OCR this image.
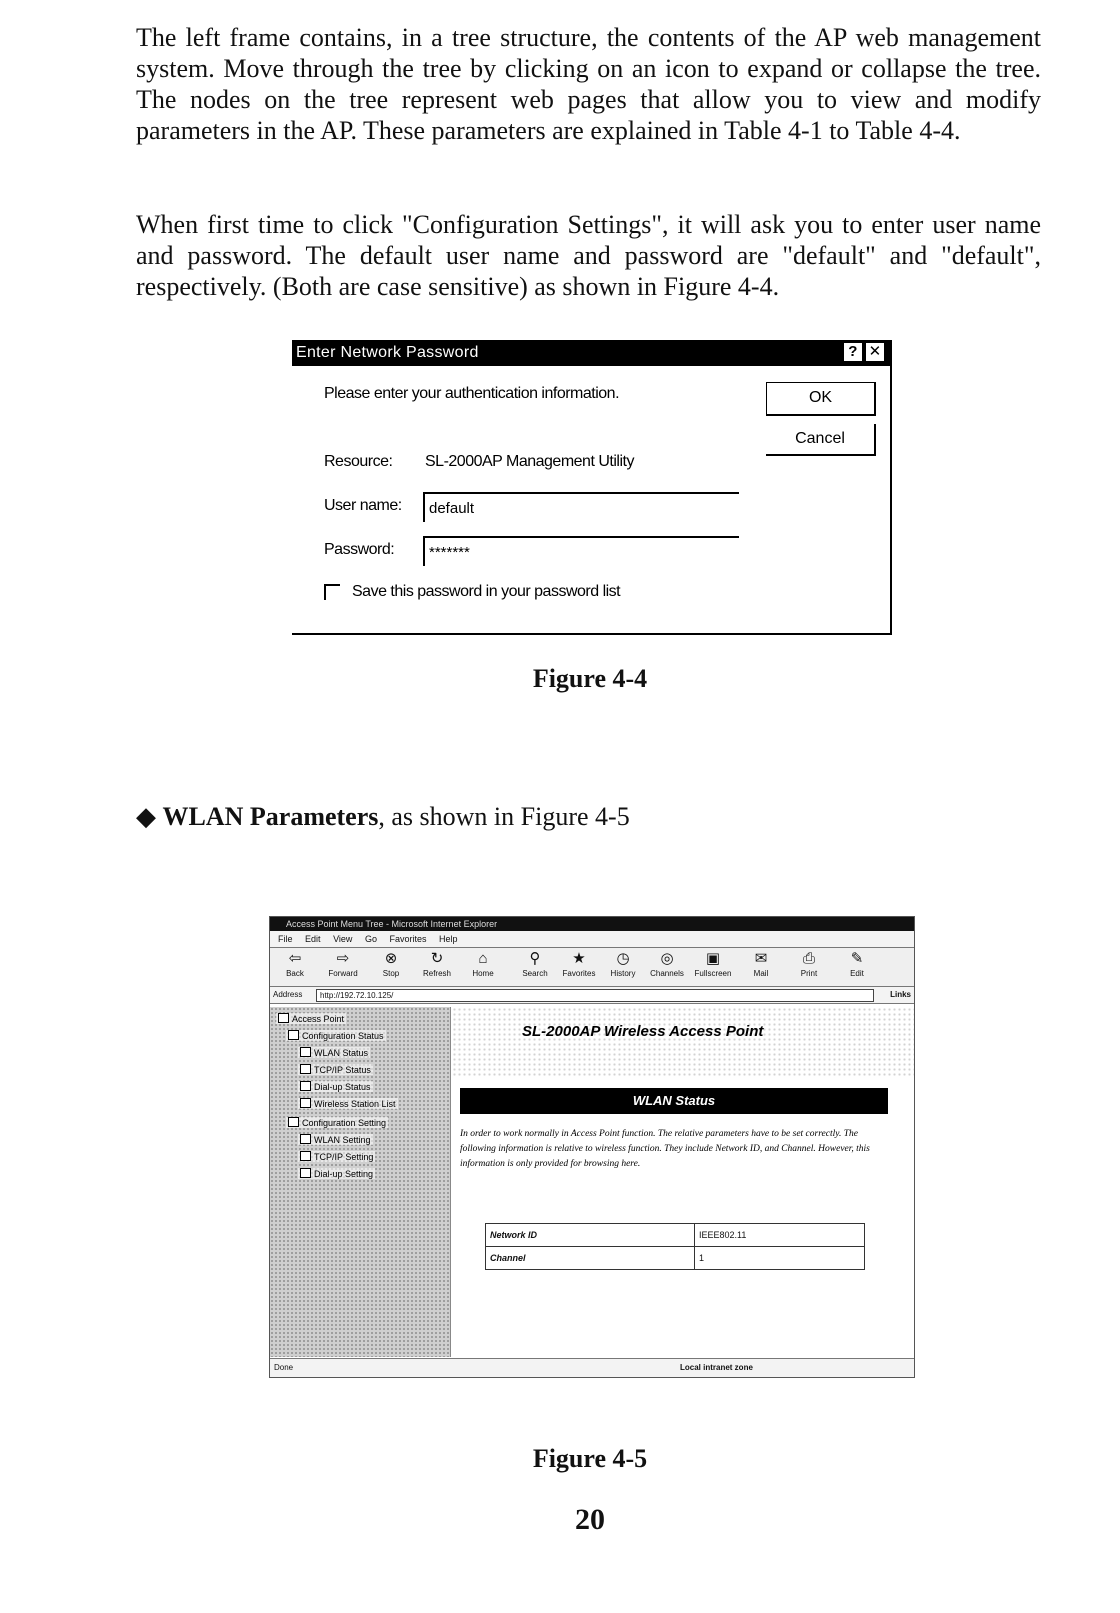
The left frame contains, in a tree structure, the contents of the AP web management system. Move through the tree by clicking on an icon to expand or collapse the tree. The nodes on the tree represent web pages that allow you to view and modify parameters in the AP. These parameters are explained in Table 4-1 to Table 4-4.

When first time to click "Configuration Settings", it will ask you to enter user name and password. The default user name and password are "default" and "default", respectively. (Both are case sensitive) as shown in Figure 4-4.

Enter Network Password	? ✕
Please enter your authentication information.
Resource: SL-2000AP Management Utility
User name:	default
Password:	*******
Save this password in your password list
OK
Cancel
Figure 4-4
◆ WLAN Parameters, as shown in Figure 4-5
Access Point Menu Tree - Microsoft Internet Explorer
File Edit View Go Favorites Help
⇦
Back
⇨
Forward
⊗
Stop
↻
Refresh
⌂
Home
⚲
Search
★
Favorites
◷
History
◎
Channels
▣
Fullscreen
✉
Mail
⎙
Print
✎
Edit
Address	http://192.72.10.125/	Links
Access Point
Configuration Status
WLAN Status
TCP/IP Status
Dial-up Status
Wireless Station List
Configuration Setting
WLAN Setting
TCP/IP Setting
Dial-up Setting
SL-2000AP Wireless Access Point
WLAN Status
In order to work normally in Access Point function. The relative parameters have to be set correctly. The following information is relative to wireless function. They include Network ID, and Channel. However, this information is only provided for browsing here.
Network ID	IEEE802.11
Channel	1
Done	Local intranet zone
Figure 4-5
20
